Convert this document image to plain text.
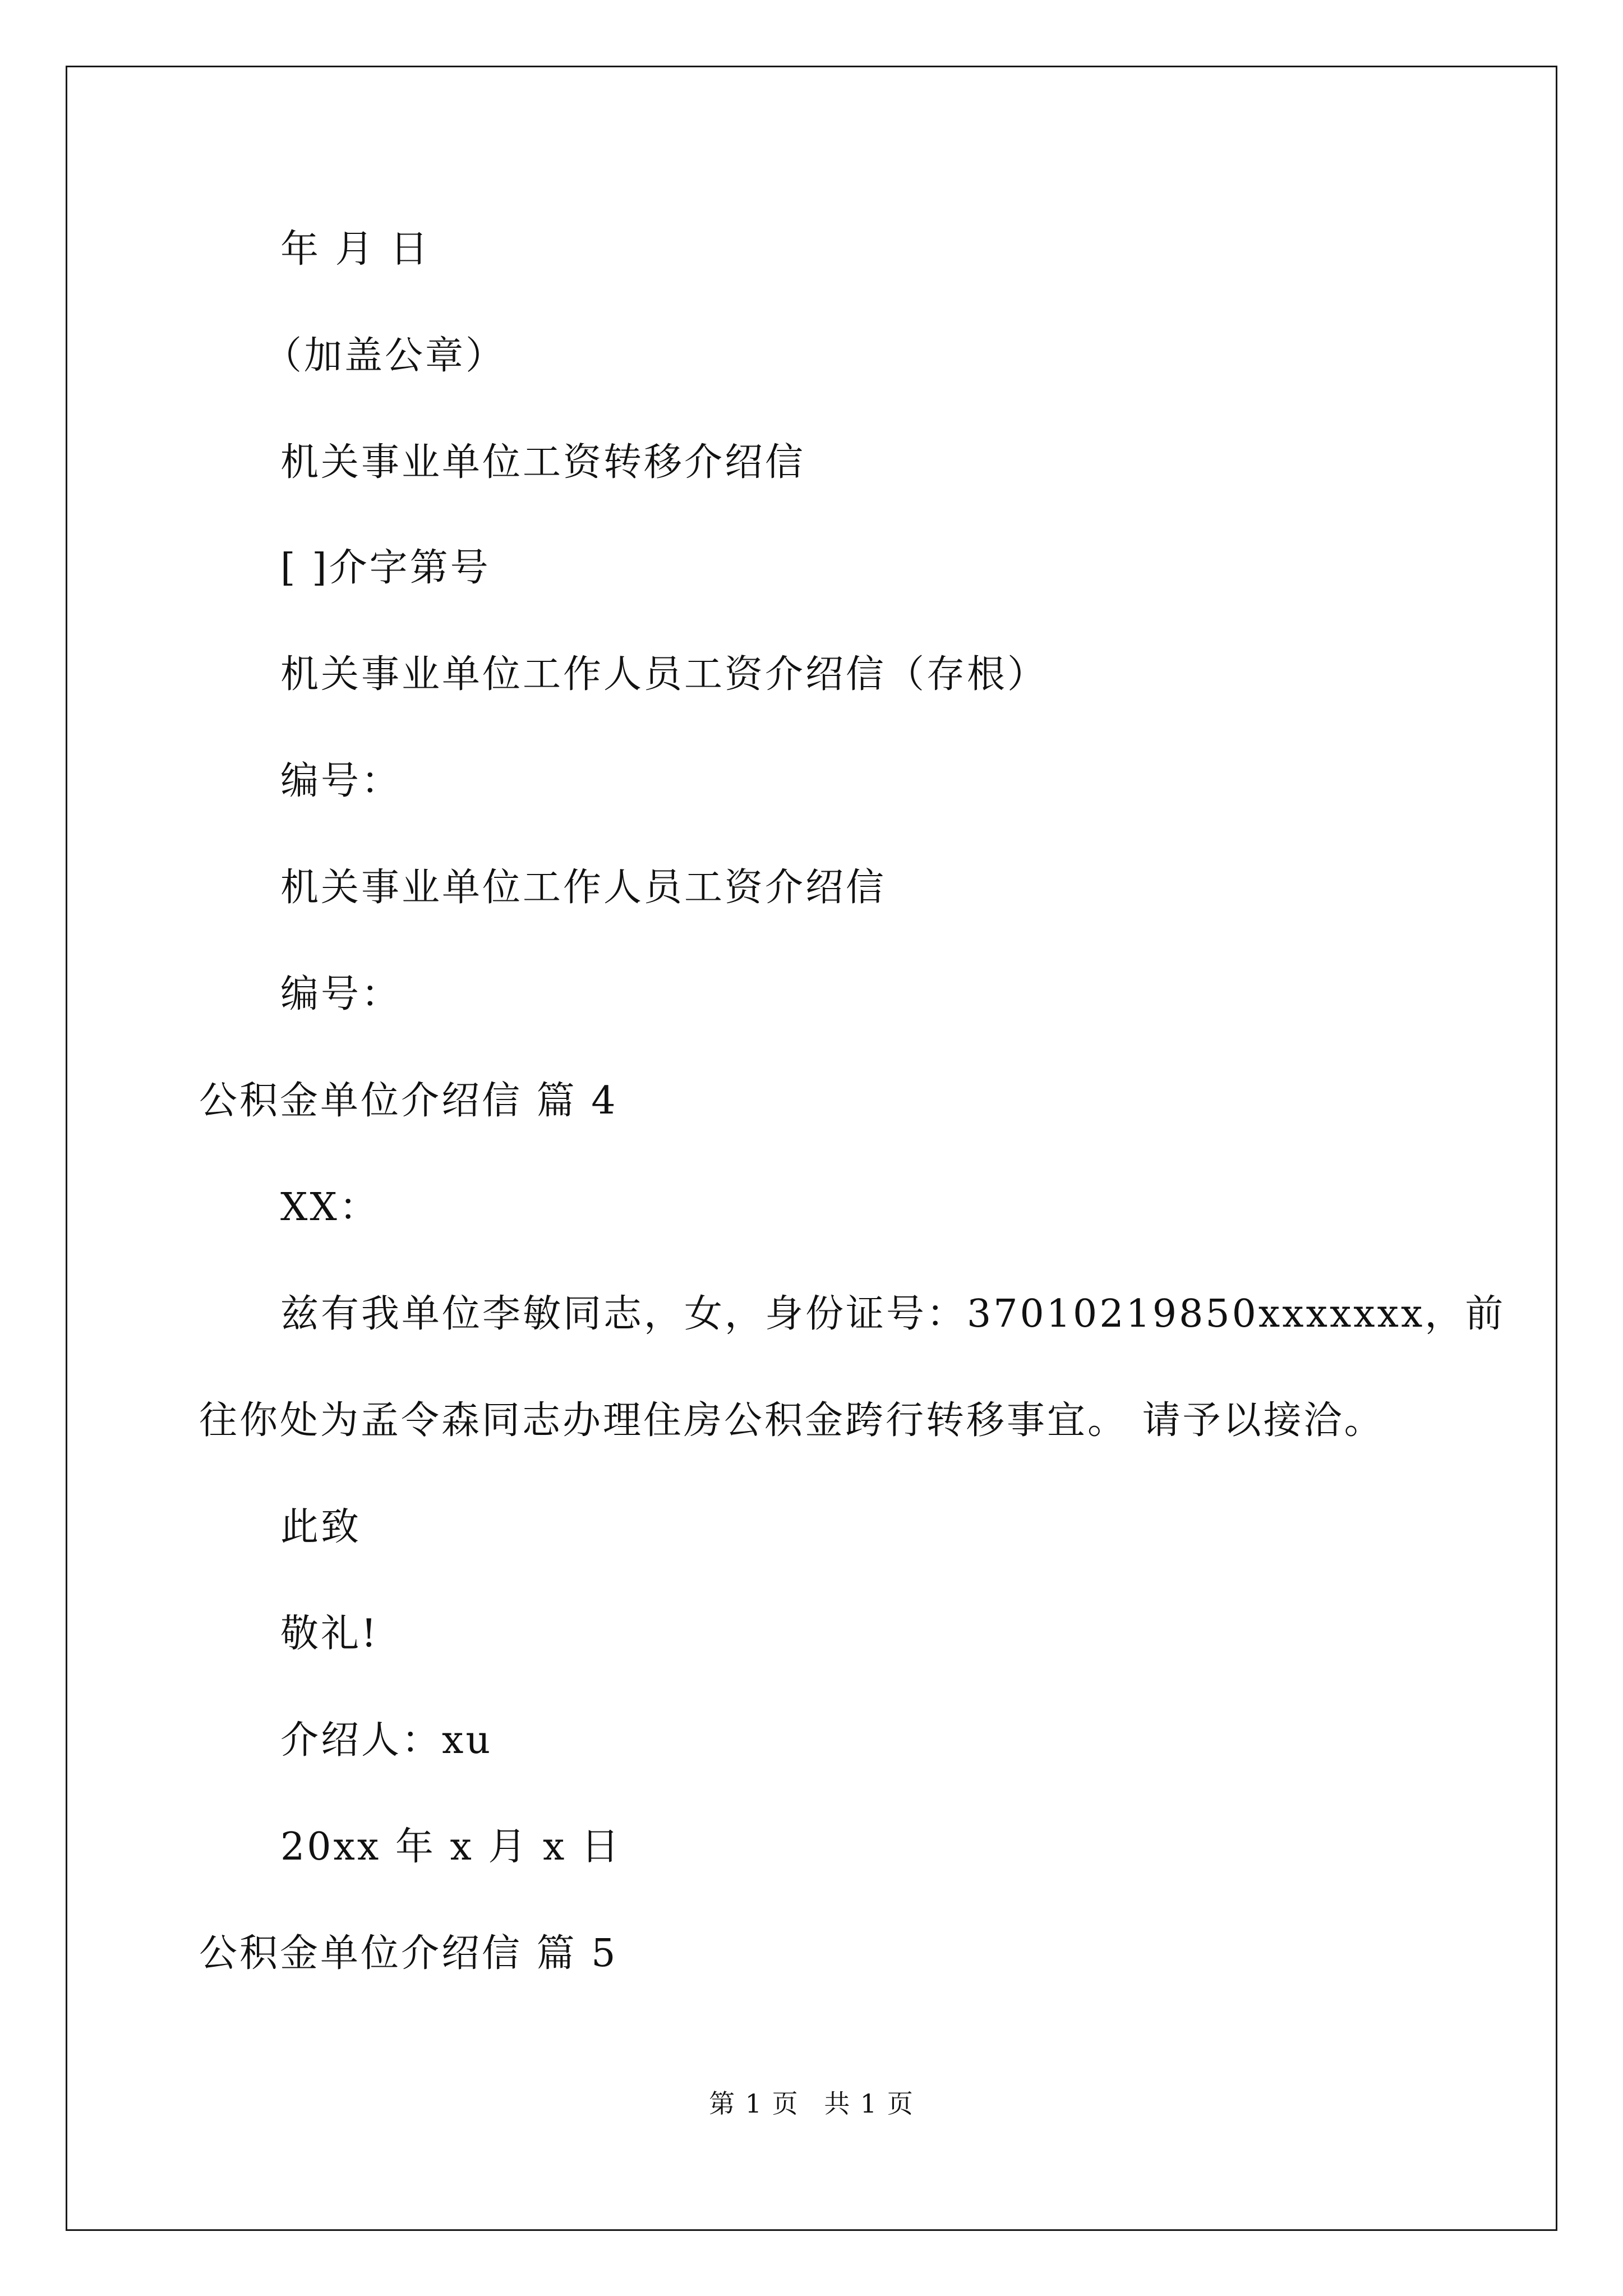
年 月 日
（加盖公章）
机关事业单位工资转移介绍信
[ ]介字第号
机关事业单位工作人员工资介绍信（存根）
编号：
机关事业单位工作人员工资介绍信
编号：
公积金单位介绍信 篇 4
XX：
兹有我单位李敏同志，女，身份证号：37010219850xxxxxxx，前
往你处为孟令森同志办理住房公积金跨行转移事宜。 请予以接洽。
此致
敬礼!
介绍人：xu
20xx 年 x 月 x 日
公积金单位介绍信 篇 5
第 1 页 共 1 页
